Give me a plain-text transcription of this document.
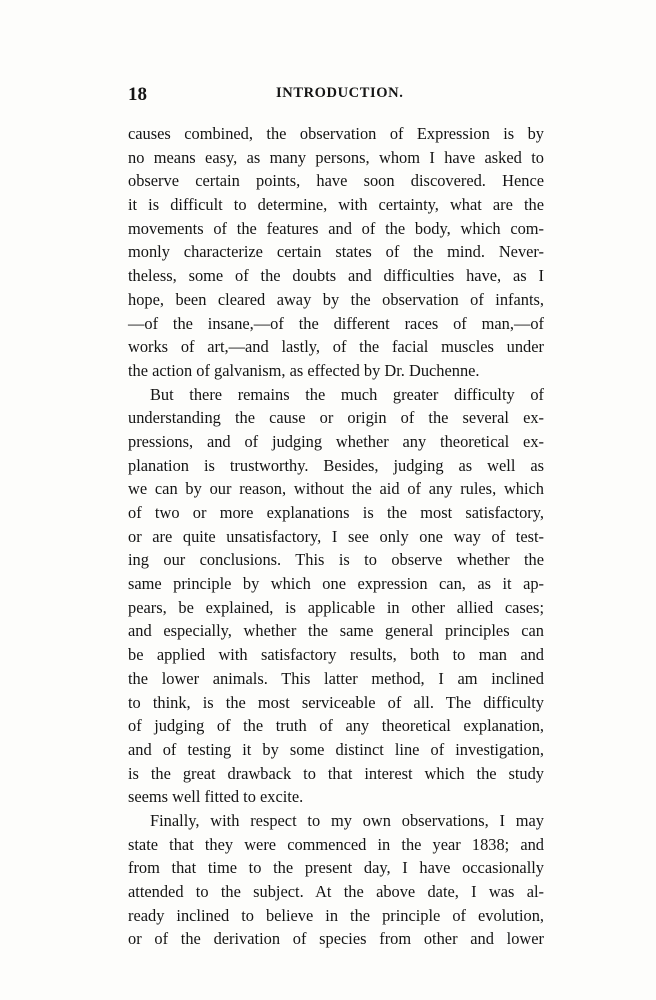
18	INTRODUCTION.
causes combined, the observation of Expression is by
no means easy, as many persons, whom I have asked to
observe certain points, have soon discovered. Hence
it is difficult to determine, with certainty, what are the
movements of the features and of the body, which com-
monly characterize certain states of the mind. Never-
theless, some of the doubts and difficulties have, as I
hope, been cleared away by the observation of infants,
—of the insane,—of the different races of man,—of
works of art,—and lastly, of the facial muscles under
the action of galvanism, as effected by Dr. Duchenne.
But there remains the much greater difficulty of
understanding the cause or origin of the several ex-
pressions, and of judging whether any theoretical ex-
planation is trustworthy. Besides, judging as well as
we can by our reason, without the aid of any rules, which
of two or more explanations is the most satisfactory,
or are quite unsatisfactory, I see only one way of test-
ing our conclusions. This is to observe whether the
same principle by which one expression can, as it ap-
pears, be explained, is applicable in other allied cases;
and especially, whether the same general principles can
be applied with satisfactory results, both to man and
the lower animals. This latter method, I am inclined
to think, is the most serviceable of all. The difficulty
of judging of the truth of any theoretical explanation,
and of testing it by some distinct line of investigation,
is the great drawback to that interest which the study
seems well fitted to excite.
Finally, with respect to my own observations, I may
state that they were commenced in the year 1838; and
from that time to the present day, I have occasionally
attended to the subject. At the above date, I was al-
ready inclined to believe in the principle of evolution,
or of the derivation of species from other and lower
